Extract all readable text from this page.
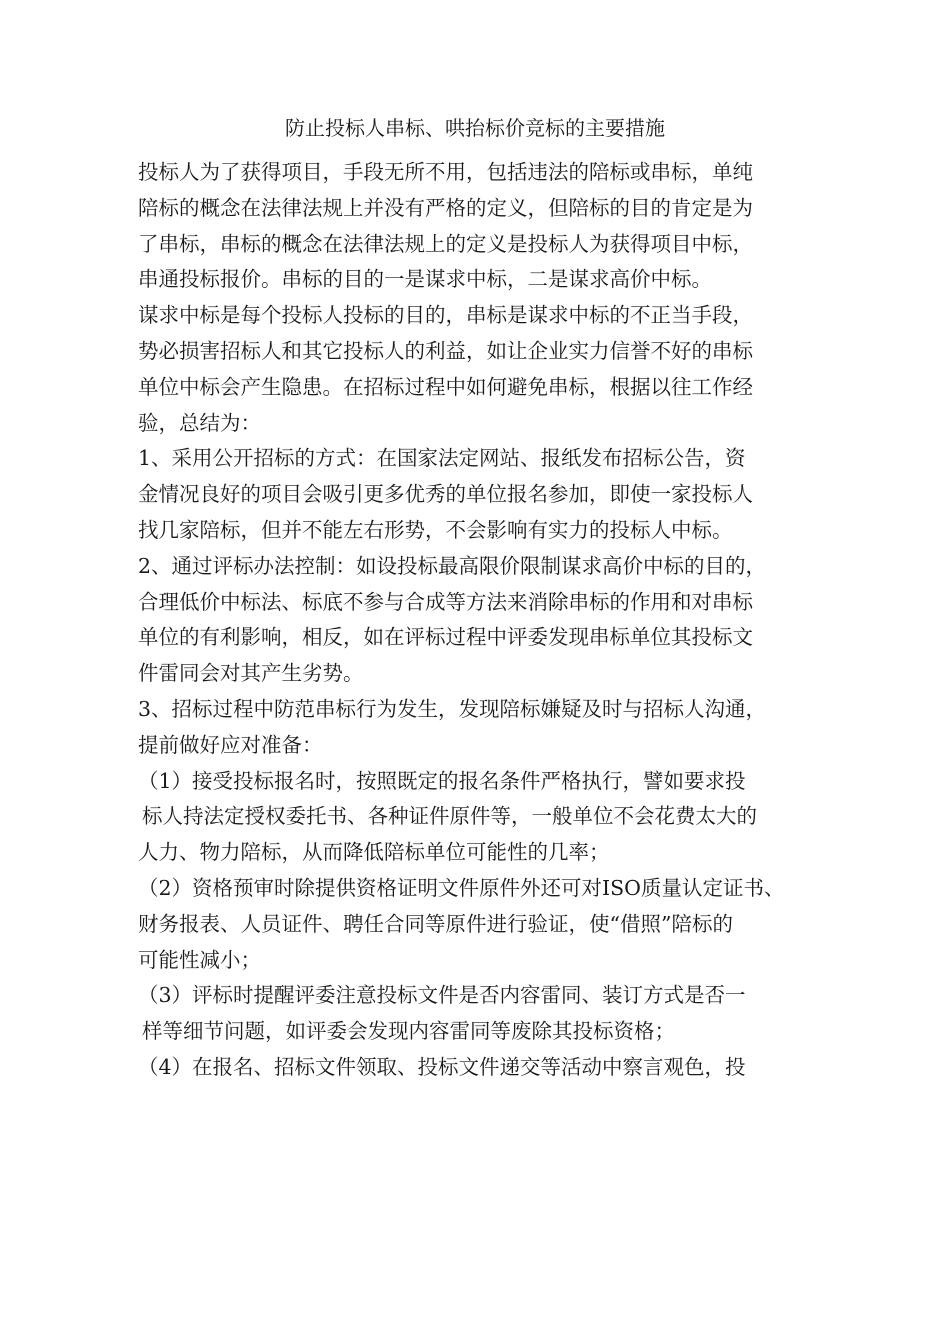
防止投标人串标、哄抬标价竞标的主要措施
投标人为了获得项目，手段无所不用，包括违法的陪标或串标，单纯
陪标的概念在法律法规上并没有严格的定义，但陪标的目的肯定是为
了串标，串标的概念在法律法规上的定义是投标人为获得项目中标，
串通投标报价。串标的目的一是谋求中标，二是谋求高价中标。
谋求中标是每个投标人投标的目的，串标是谋求中标的不正当手段，
势必损害招标人和其它投标人的利益，如让企业实力信誉不好的串标
单位中标会产生隐患。在招标过程中如何避免串标，根据以往工作经
验，总结为：
1、采用公开招标的方式：在国家法定网站、报纸发布招标公告，资
金情况良好的项目会吸引更多优秀的单位报名参加，即使一家投标人
找几家陪标，但并不能左右形势，不会影响有实力的投标人中标。
2、通过评标办法控制：如设投标最高限价限制谋求高价中标的目的，
合理低价中标法、标底不参与合成等方法来消除串标的作用和对串标
单位的有利影响，相反，如在评标过程中评委发现串标单位其投标文
件雷同会对其产生劣势。
3、招标过程中防范串标行为发生，发现陪标嫌疑及时与招标人沟通，
提前做好应对准备：
（1）接受投标报名时，按照既定的报名条件严格执行，譬如要求投
标人持法定授权委托书、各种证件原件等，一般单位不会花费太大的
人力、物力陪标，从而降低陪标单位可能性的几率；
（2）资格预审时除提供资格证明文件原件外还可对ISO质量认定证书、
财务报表、人员证件、聘任合同等原件进行验证，使“借照”陪标的
可能性减小；
（3）评标时提醒评委注意投标文件是否内容雷同、装订方式是否一
样等细节问题，如评委会发现内容雷同等废除其投标资格；
（4）在报名、招标文件领取、投标文件递交等活动中察言观色，投
